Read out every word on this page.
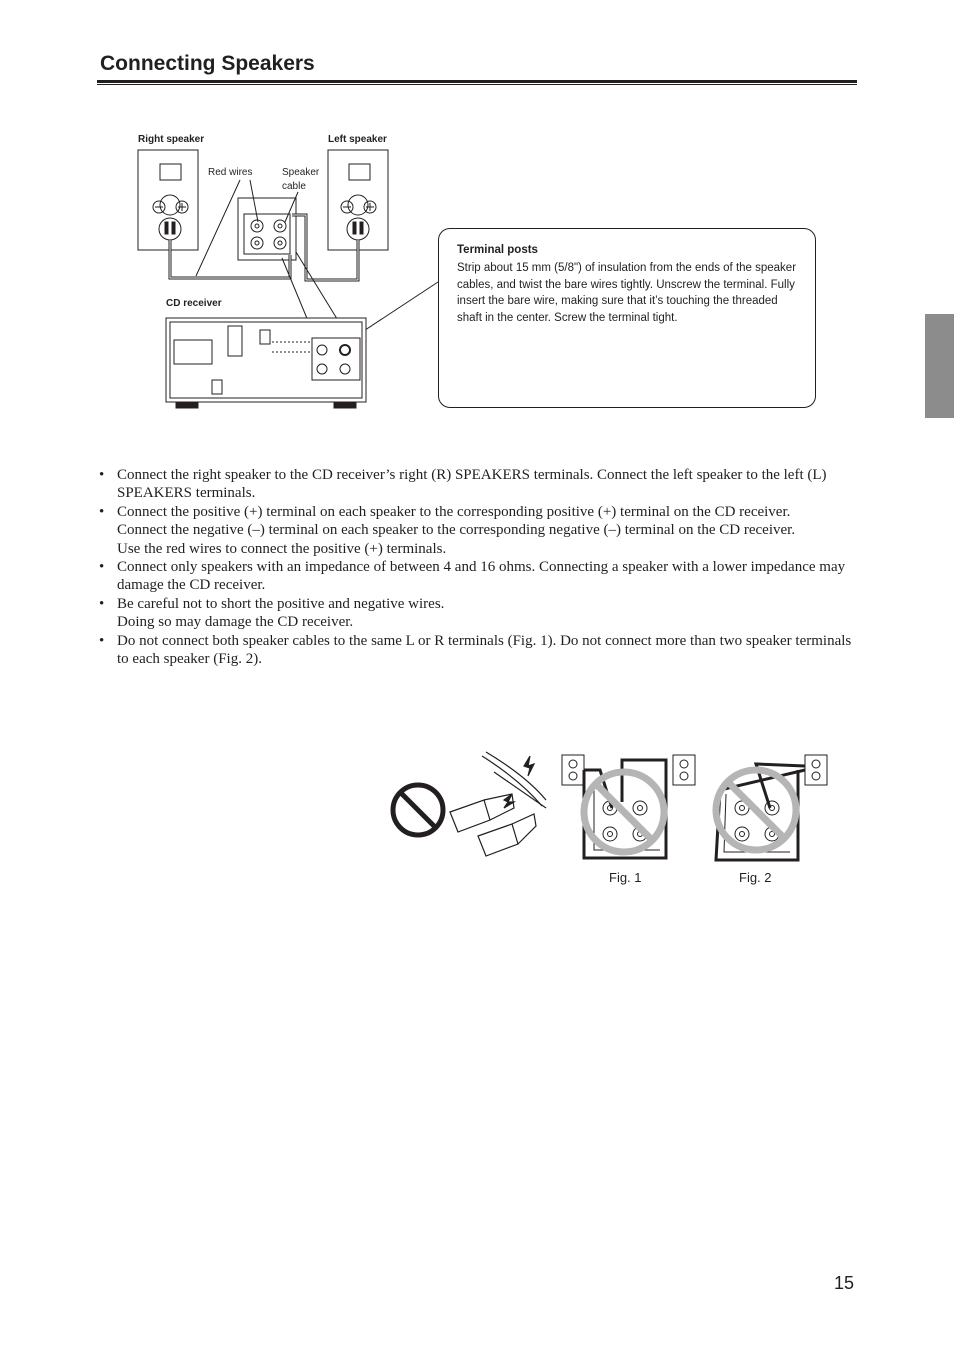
Connecting Speakers
Right speaker	Left speaker
Red wires	Speaker
cable
CD receiver
Terminal posts
Strip about 15 mm (5/8") of insulation from the ends of the speaker cables, and twist the bare wires tightly. Unscrew the terminal. Fully insert the bare wire, making sure that it’s touching the threaded shaft in the center. Screw the terminal tight.
• Connect the right speaker to the CD receiver’s right (R) SPEAKERS terminals. Connect the left speaker to the left (L) SPEAKERS terminals.
• Connect the positive (+) terminal on each speaker to the corresponding positive (+) terminal on the CD receiver.
Connect the negative (–) terminal on each speaker to the corresponding negative (–) terminal on the CD receiver.
Use the red wires to connect the positive (+) terminals.
• Connect only speakers with an impedance of between 4 and 16 ohms. Connecting a speaker with a lower impedance may damage the CD receiver.
• Be careful not to short the positive and negative wires.
Doing so may damage the CD receiver.
• Do not connect both speaker cables to the same L or R terminals (Fig. 1). Do not connect more than two speaker terminals to each speaker (Fig. 2).
Fig. 1	Fig. 2
15
